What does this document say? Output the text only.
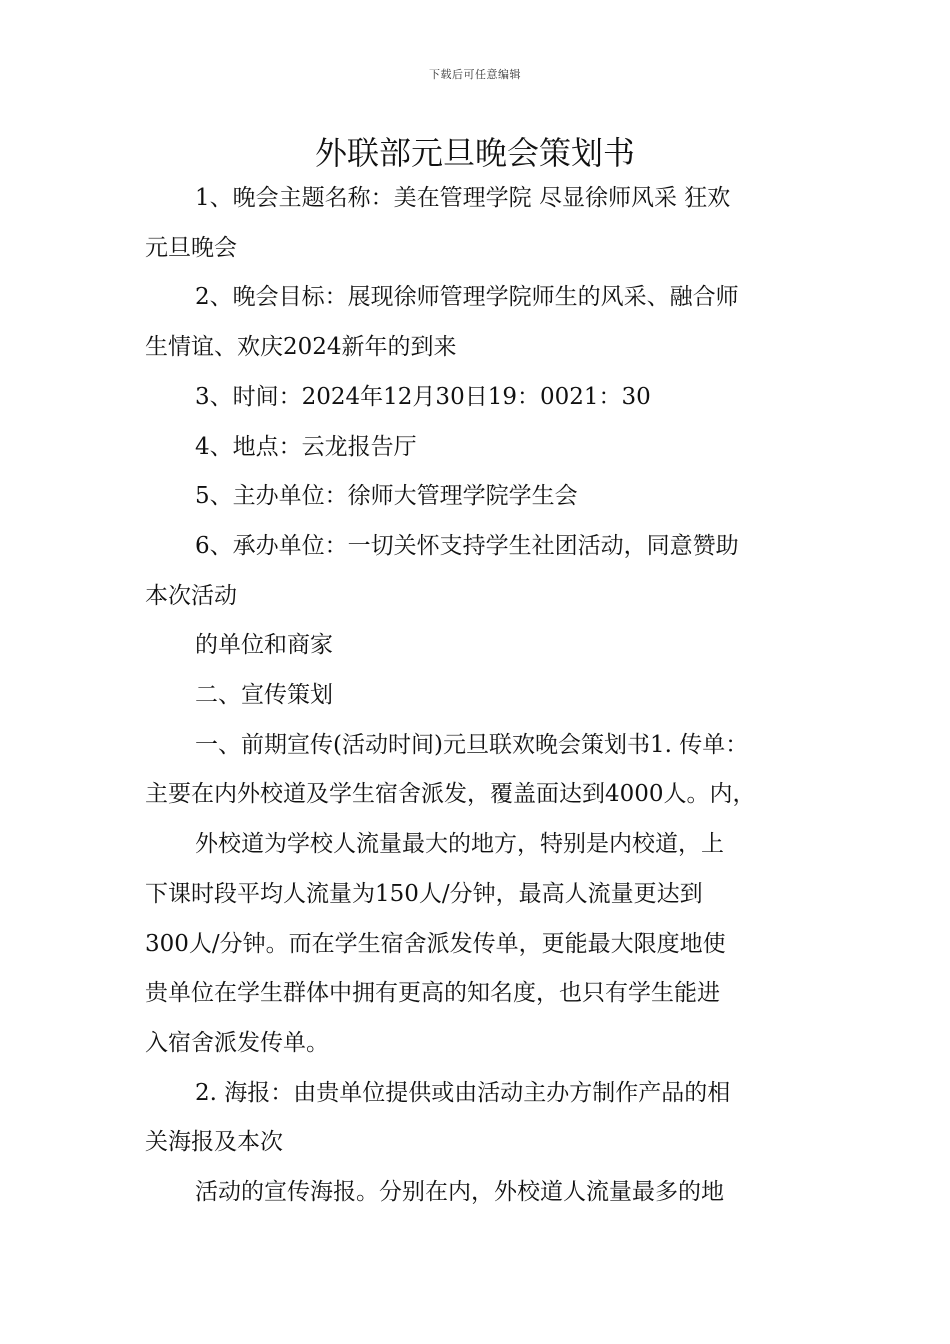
下载后可任意编辑
外联部元旦晚会策划书

1、晚会主题名称：美在管理学院 尽显徐师风采 狂欢
元旦晚会

2、晚会目标：展现徐师管理学院师生的风采、融合师
生情谊、欢庆2024新年的到来

3、时间：2024年12月30日19：0021：30

4、地点：云龙报告厅

5、主办单位：徐师大管理学院学生会

6、承办单位：一切关怀支持学生社团活动，同意赞助
本次活动

的单位和商家

二、宣传策划

一、前期宣传(活动时间)元旦联欢晚会策划书1. 传单：
主要在内外校道及学生宿舍派发，覆盖面达到4000人。内，

外校道为学校人流量最大的地方，特别是内校道，上
下课时段平均人流量为150人/分钟，最高人流量更达到
300人/分钟。而在学生宿舍派发传单，更能最大限度地使
贵单位在学生群体中拥有更高的知名度，也只有学生能进
入宿舍派发传单。

2. 海报：由贵单位提供或由活动主办方制作产品的相
关海报及本次

活动的宣传海报。分别在内，外校道人流量最多的地
